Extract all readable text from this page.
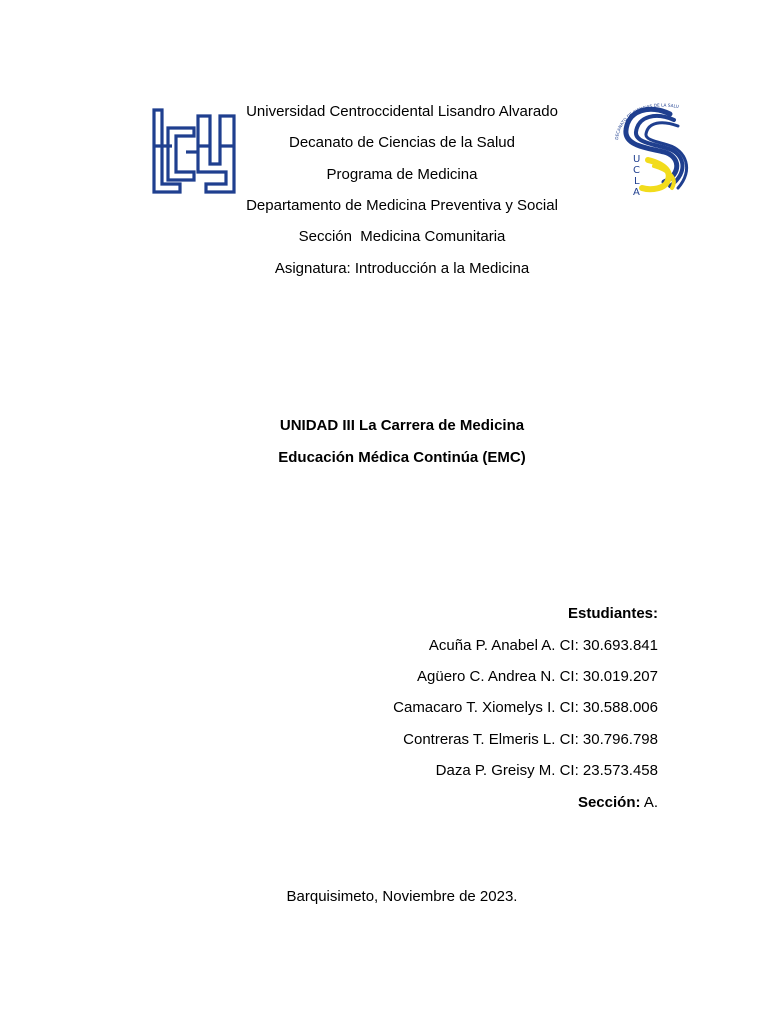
DECANATO DE CIENCIAS DE LA SALU
U
C
L
A
Universidad Centroccidental Lisandro Alvarado
Decanato de Ciencias de la Salud
Programa de Medicina
Departamento de Medicina Preventiva y Social
Sección  Medicina Comunitaria
Asignatura: Introducción a la Medicina
UNIDAD III La Carrera de Medicina
Educación Médica Continúa (EMC)
Estudiantes:
Acuña P. Anabel A. CI: 30.693.841
Agüero C. Andrea N. CI: 30.019.207
Camacaro T. Xiomelys I. CI: 30.588.006
Contreras T. Elmeris L. CI: 30.796.798
Daza P. Greisy M. CI: 23.573.458
Sección: A.
Barquisimeto, Noviembre de 2023.
